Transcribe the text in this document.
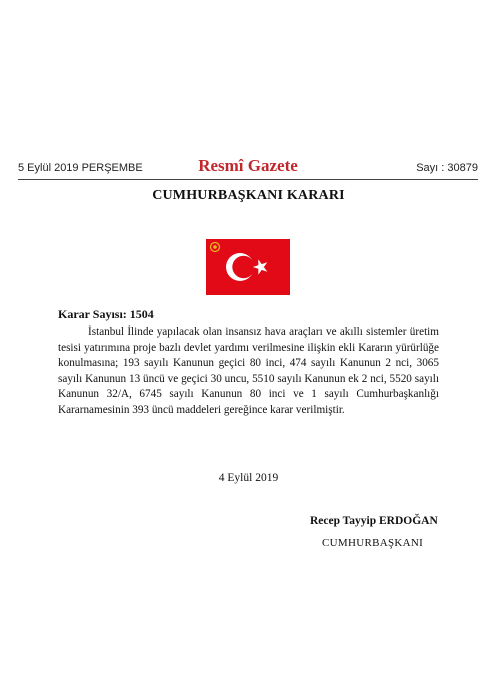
5 Eylül 2019 PERŞEMBE	Resmî Gazete	Sayı : 30879
CUMHURBAŞKANI KARARI
Karar Sayısı: 1504

İstanbul İlinde yapılacak olan insansız hava araçları ve akıllı sistemler üretim tesisi yatırımına proje bazlı devlet yardımı verilmesine ilişkin ekli Kararın yürürlüğe konulmasına; 193 sayılı Kanunun geçici 80 inci, 474 sayılı Kanunun 2 nci, 3065 sayılı Kanunun 13 üncü ve geçici 30 uncu, 5510 sayılı Kanunun ek 2 nci, 5520 sayılı Kanunun 32/A, 6745 sayılı Kanunun 80 inci ve 1 sayılı Cumhurbaşkanlığı Kararnamesinin 393 üncü maddeleri gereğince karar verilmiştir.

4 Eylül 2019
Recep Tayyip ERDOĞAN
CUMHURBAŞKANI
